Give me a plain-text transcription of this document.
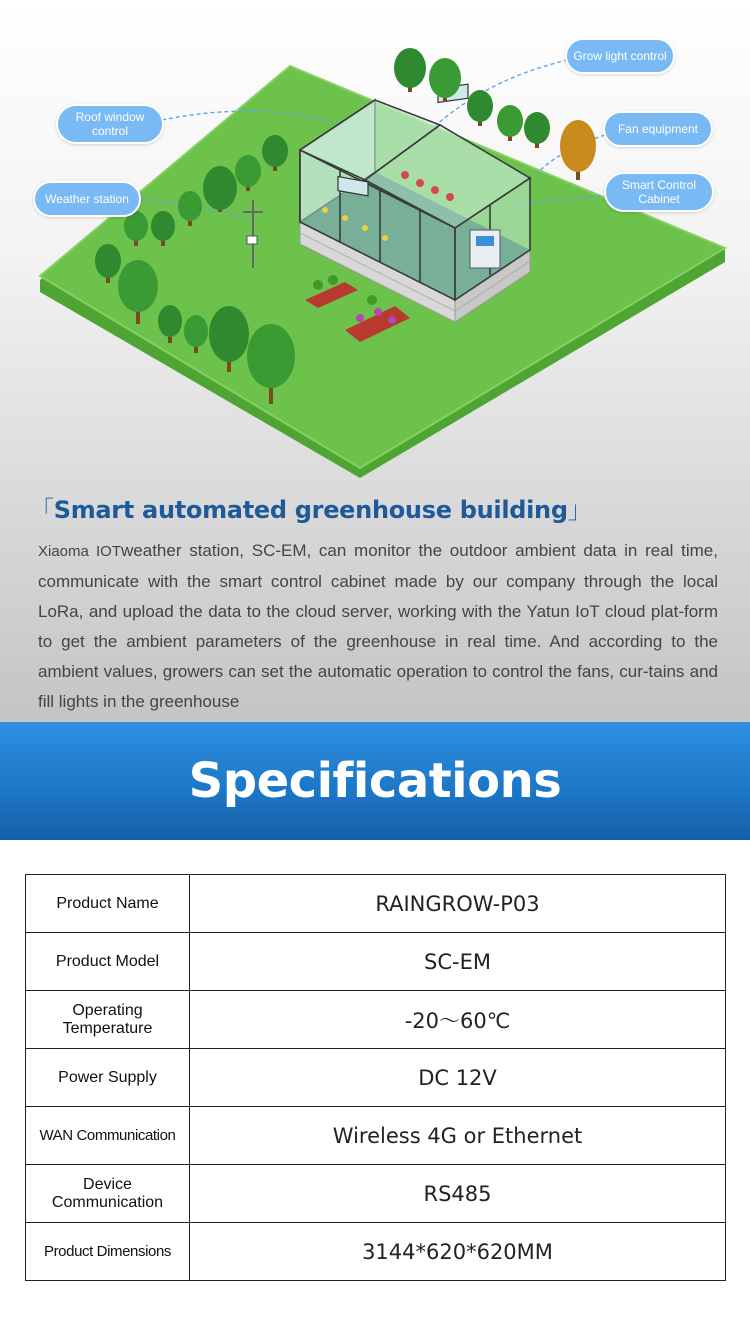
Grow light control
Roof window control	Fan equipment
Weather station
Smart Control Cabinet
「Smart automated greenhouse building」
Xiaoma IOTweather station, SC-EM, can monitor the outdoor ambient data in real time, communicate with the smart control cabinet made by our company through the local LoRa, and upload the data to the cloud server, working with the Yatun IoT cloud plat-form to get the ambient parameters of the greenhouse in real time. And according to the ambient values, growers can set the automatic operation to control the fans, cur-tains and fill lights in the greenhouse
Specifications
Product Name	RAINGROW-P03
Product Model	SC-EM
Operating Temperature	-20～60℃
Power Supply	DC 12V
WAN Communication	Wireless 4G or Ethernet
Device Communication	RS485
Product Dimensions	3144*620*620MM
